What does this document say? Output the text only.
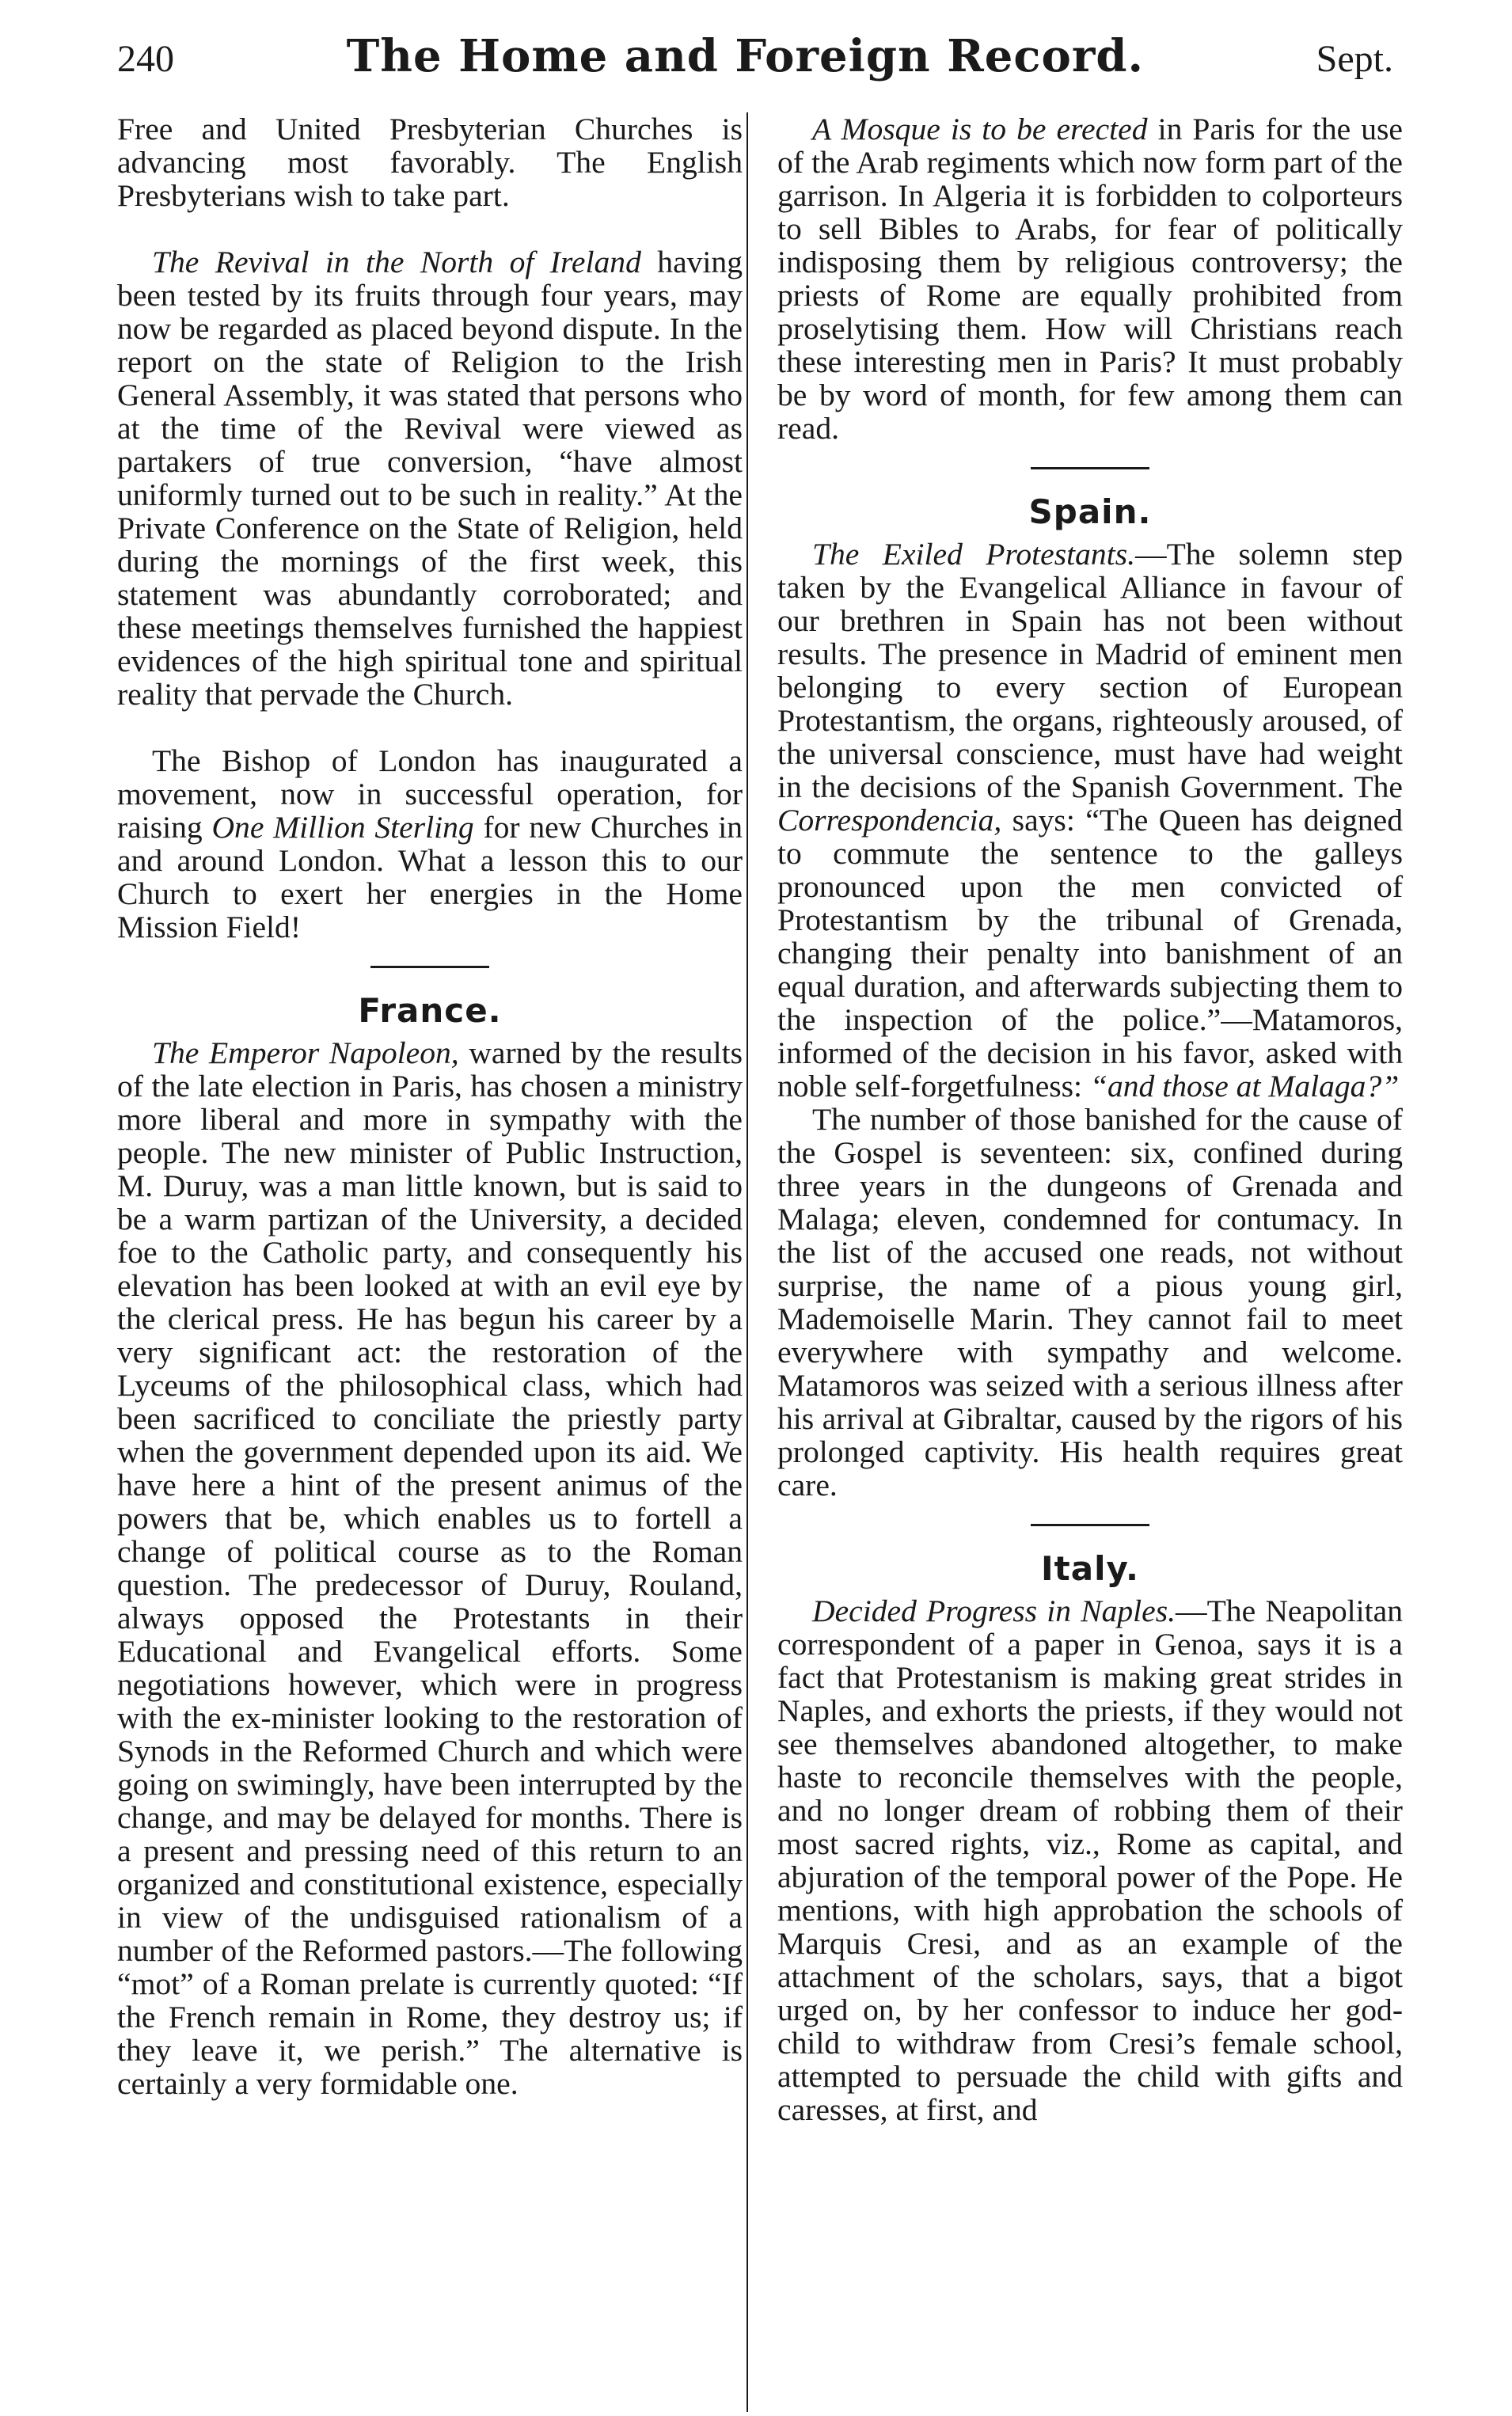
240	The Home and Foreign Record.	Sept.

Free and United Presbyterian Churches is advancing most favorably. The English Presbyterians wish to take part.

The Revival in the North of Ireland having been tested by its fruits through four years, may now be regarded as placed beyond dispute. In the report on the state of Religion to the Irish General Assembly, it was stated that persons who at the time of the Revival were viewed as partakers of true conversion, “have almost uniformly turned out to be such in reality.” At the Private Conference on the State of Religion, held during the mornings of the first week, this statement was abundantly corroborated; and these meetings themselves furnished the happiest evidences of the high spiritual tone and spiritual reality that pervade the Church.

The Bishop of London has inaugurated a movement, now in successful operation, for raising One Million Sterling for new Churches in and around London. What a lesson this to our Church to exert her energies in the Home Mission Field!

France.

The Emperor Napoleon, warned by the results of the late election in Paris, has chosen a ministry more liberal and more in sympathy with the people. The new minister of Public Instruction, M. Duruy, was a man little known, but is said to be a warm partizan of the University, a decided foe to the Catholic party, and consequently his elevation has been looked at with an evil eye by the clerical press. He has begun his career by a very significant act: the restoration of the Lyceums of the philosophical class, which had been sacrificed to conciliate the priestly party when the government depended upon its aid. We have here a hint of the present animus of the powers that be, which enables us to fortell a change of political course as to the Roman question. The predecessor of Duruy, Rouland, always opposed the Protestants in their Educational and Evangelical efforts. Some negotiations however, which were in progress with the ex-minister looking to the restoration of Synods in the Reformed Church and which were going on swimingly, have been interrupted by the change, and may be delayed for months. There is a present and pressing need of this return to an organized and constitutional existence, especially in view of the undisguised rationalism of a number of the Reformed pastors.—The following “mot” of a Roman prelate is currently quoted: “If the French remain in Rome, they destroy us; if they leave it, we perish.” The alternative is certainly a very formidable one.

A Mosque is to be erected in Paris for the use of the Arab regiments which now form part of the garrison. In Algeria it is forbidden to colporteurs to sell Bibles to Arabs, for fear of politically indisposing them by religious controversy; the priests of Rome are equally prohibited from proselytising them. How will Christians reach these interesting men in Paris? It must probably be by word of month, for few among them can read.

Spain.

The Exiled Protestants.—The solemn step taken by the Evangelical Alliance in favour of our brethren in Spain has not been without results. The presence in Madrid of eminent men belonging to every section of European Protestantism, the organs, righteously aroused, of the universal conscience, must have had weight in the decisions of the Spanish Government. The Correspondencia, says: “The Queen has deigned to commute the sentence to the galleys pronounced upon the men convicted of Protestantism by the tribunal of Grenada, changing their penalty into banishment of an equal duration, and afterwards subjecting them to the inspection of the police.”—Matamoros, informed of the decision in his favor, asked with noble self-forgetfulness: “and those at Malaga?”

The number of those banished for the cause of the Gospel is seventeen: six, confined during three years in the dungeons of Grenada and Malaga; eleven, condemned for contumacy. In the list of the accused one reads, not without surprise, the name of a pious young girl, Mademoiselle Marin. They cannot fail to meet everywhere with sympathy and welcome. Matamoros was seized with a serious illness after his arrival at Gibraltar, caused by the rigors of his prolonged captivity. His health requires great care.

Italy.

Decided Progress in Naples.—The Neapolitan correspondent of a paper in Genoa, says it is a fact that Protestanism is making great strides in Naples, and exhorts the priests, if they would not see themselves abandoned altogether, to make haste to reconcile themselves with the people, and no longer dream of robbing them of their most sacred rights, viz., Rome as capital, and abjuration of the temporal power of the Pope. He mentions, with high approbation the schools of Marquis Cresi, and as an example of the attachment of the scholars, says, that a bigot urged on, by her confessor to induce her god-child to withdraw from Cresi’s female school, attempted to persuade the child with gifts and caresses, at first, and
